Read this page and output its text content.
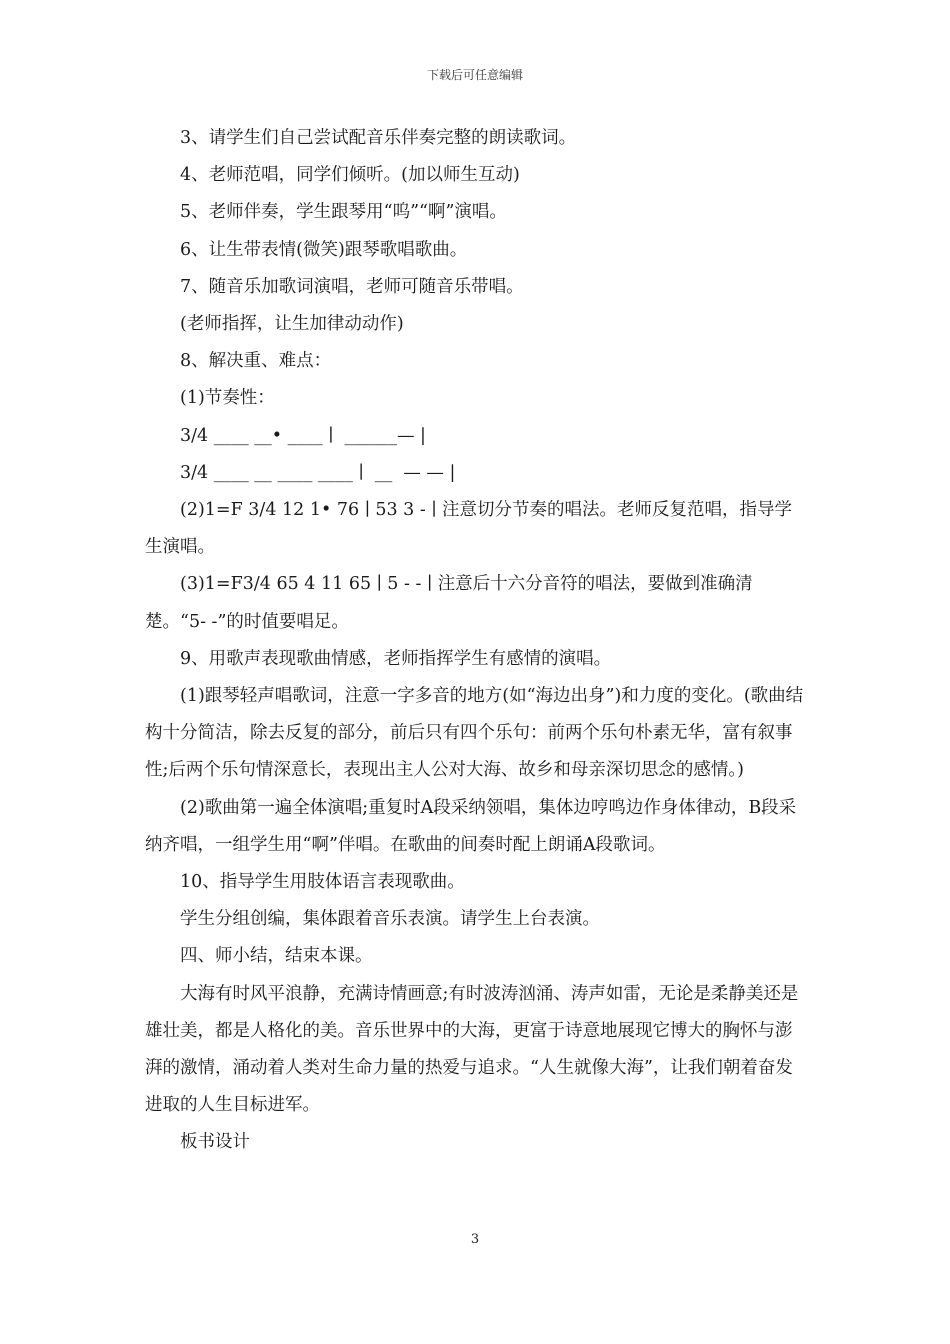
下载后可任意编辑

3、请学生们自己尝试配音乐伴奏完整的朗读歌词。

4、老师范唱，同学们倾听。(加以师生互动)

5、老师伴奏，学生跟琴用“呜”“啊”演唱。

6、让生带表情(微笑)跟琴歌唱歌曲。

7、随音乐加歌词演唱，老师可随音乐带唱。

(老师指挥，让生加律动动作)

8、解决重、难点：

(1)节奏性：

3/4 ____ __• ____ ∣  ______— |

3/4 ____ __ ____ ____ ∣  __  — — |

(2)1=F 3/4 12 1• 76 ∣ 53 3 - ∣ 注意切分节奏的唱法。老师反复范唱，指导学生演唱。

(3)1=F3/4 65 4 11 65 ∣ 5 - - ∣ 注意后十六分音符的唱法，要做到准确清楚。“5- -”的时值要唱足。

9、用歌声表现歌曲情感，老师指挥学生有感情的演唱。

(1)跟琴轻声唱歌词，注意一字多音的地方(如“海边出身”)和力度的变化。(歌曲结构十分简洁，除去反复的部分，前后只有四个乐句：前两个乐句朴素无华，富有叙事性;后两个乐句情深意长，表现出主人公对大海、故乡和母亲深切思念的感情。)

(2)歌曲第一遍全体演唱;重复时A段采纳领唱，集体边哼鸣边作身体律动，B段采纳齐唱，一组学生用“啊”伴唱。在歌曲的间奏时配上朗诵A段歌词。

10、指导学生用肢体语言表现歌曲。

学生分组创编，集体跟着音乐表演。请学生上台表演。

四、师小结，结束本课。

大海有时风平浪静，充满诗情画意;有时波涛汹涌、涛声如雷，无论是柔静美还是雄壮美，都是人格化的美。音乐世界中的大海，更富于诗意地展现它博大的胸怀与澎湃的激情，涌动着人类对生命力量的热爱与追求。“人生就像大海”，让我们朝着奋发进取的人生目标进军。

板书设计

3
